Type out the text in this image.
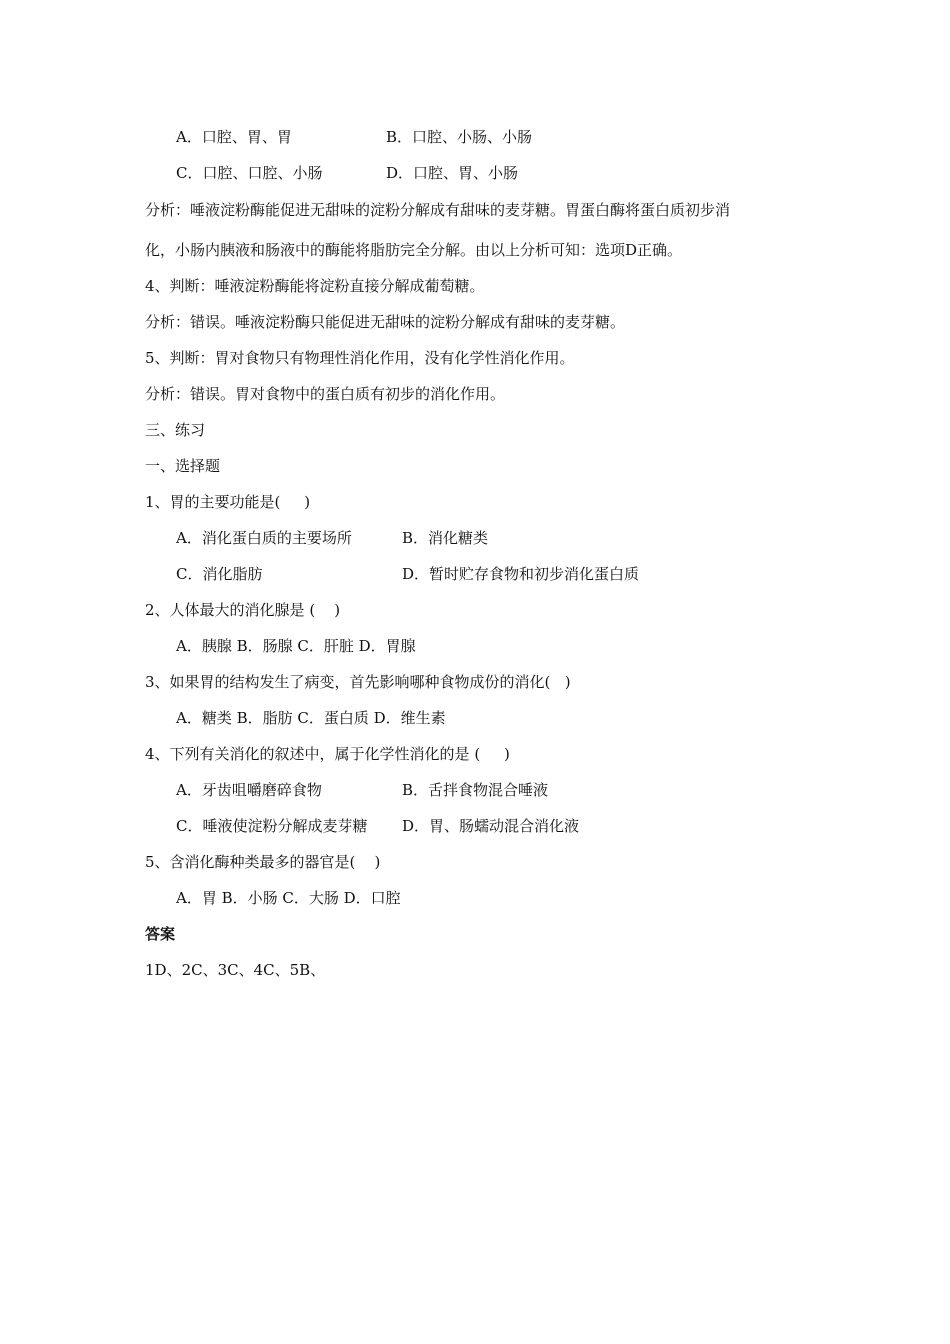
A．口腔、胃、胃	B．口腔、小肠、小肠
C．口腔、口腔、小肠	D．口腔、胃、小肠
分析：唾液淀粉酶能促进无甜味的淀粉分解成有甜味的麦芽糖。胃蛋白酶将蛋白质初步消
化，小肠内胰液和肠液中的酶能将脂肪完全分解。由以上分析可知：选项D正确。
4、判断：唾液淀粉酶能将淀粉直接分解成葡萄糖。
分析：错误。唾液淀粉酶只能促进无甜味的淀粉分解成有甜味的麦芽糖。
5、判断：胃对食物只有物理性消化作用，没有化学性消化作用。
分析：错误。胃对食物中的蛋白质有初步的消化作用。
三、练习
一、选择题
1、胃的主要功能是(     )
A．消化蛋白质的主要场所	B．消化糖类
C．消化脂肪	D．暂时贮存食物和初步消化蛋白质
2、人体最大的消化腺是 (    )
A．胰腺 B．肠腺 C．肝脏 D．胃腺
3、如果胃的结构发生了病变，首先影响哪种食物成份的消化(   )
A．糖类 B．脂肪 C．蛋白质 D．维生素
4、下列有关消化的叙述中，属于化学性消化的是 (     )
A．牙齿咀嚼磨碎食物	B．舌拌食物混合唾液
C．唾液使淀粉分解成麦芽糖 D．胃、肠蠕动混合消化液
5、含消化酶种类最多的器官是(    )
A．胃 B．小肠 C．大肠 D．口腔
答案
1D、2C、3C、4C、5B、
